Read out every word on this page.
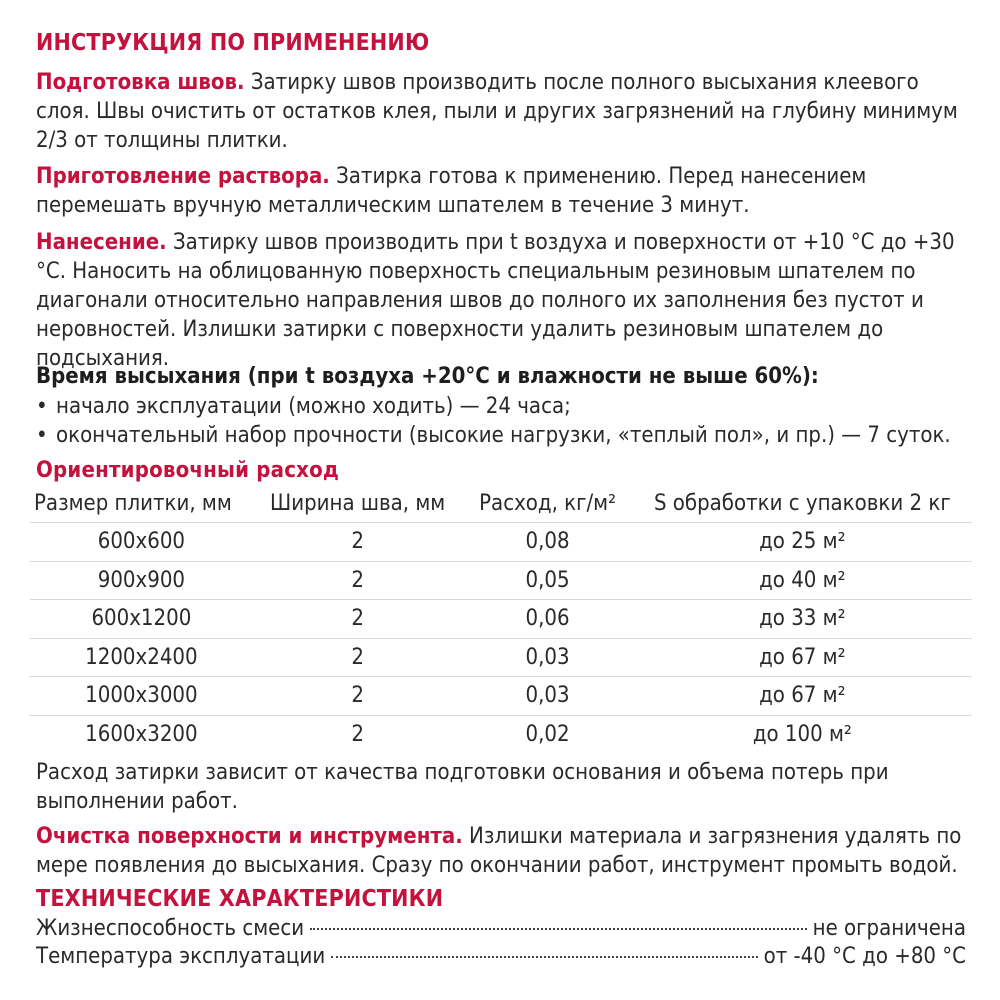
ИНСТРУКЦИЯ ПО ПРИМЕНЕНИЮ
Подготовка швов. Затирку швов производить после полного высыхания клеевого слоя. Швы очистить от остатков клея, пыли и других загрязнений на глубину минимум 2/3 от толщины плитки.
Приготовление раствора. Затирка готова к применению. Перед нанесением перемешать вручную металлическим шпателем в течение 3 минут.
Нанесение. Затирку швов производить при t воздуха и поверхности от +10 °C до +30 °C. Наносить на облицованную поверхность специальным резиновым шпателем по диагонали относительно направления швов до полного их заполнения без пустот и неровностей. Излишки затирки с поверхности удалить резиновым шпателем до подсыхания.
Время высыхания (при t воздуха +20°C и влажности не выше 60%):
• начало эксплуатации (можно ходить) — 24 часа;
• окончательный набор прочности (высокие нагрузки, «теплый пол», и пр.) — 7 суток.
Ориентировочный расход
Размер плитки, мм	Ширина шва, мм	Расход, кг/м²	S обработки с упаковки 2 кг
600x600	2	0,08	до 25 м²
900x900	2	0,05	до 40 м²
600x1200	2	0,06	до 33 м²
1200x2400	2	0,03	до 67 м²
1000x3000	2	0,03	до 67 м²
1600x3200	2	0,02	до 100 м²
Расход затирки зависит от качества подготовки основания и объема потерь при выполнении работ.
Очистка поверхности и инструмента. Излишки материала и загрязнения удалять по мере появления до высыхания. Сразу по окончании работ, инструмент промыть водой.
ТЕХНИЧЕСКИЕ ХАРАКТЕРИСТИКИ
Жизнеспособность смеси	не ограничена
Температура эксплуатации	от -40 °C до +80 °C
